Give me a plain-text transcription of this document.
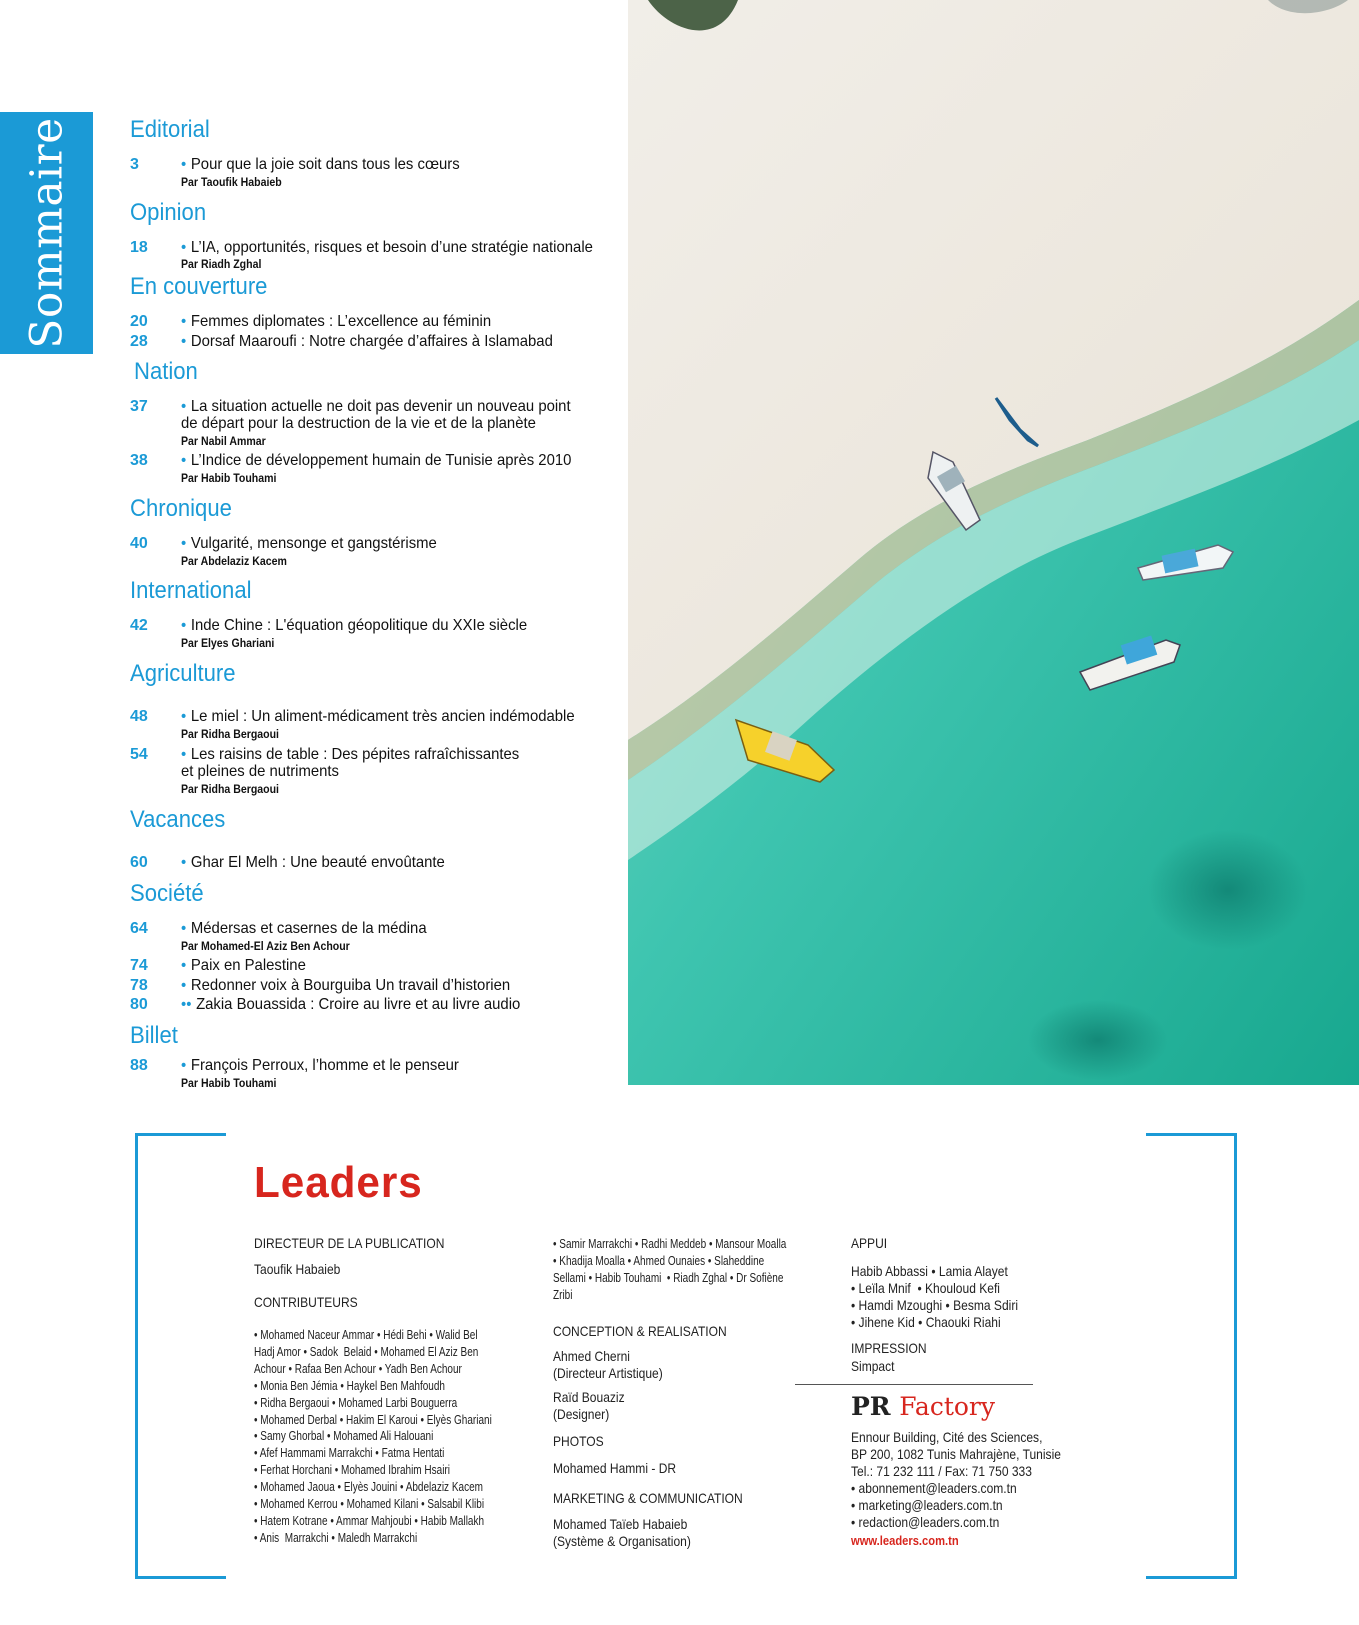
Sommaire Editorial
3	• Pour que la joie soit dans tous les cœurs
Par Taoufik Habaieb
Opinion
18 • L’IA, opportunités, risques et besoin d’une stratégie nationale
Par Riadh Zghal
En couverture
20 • Femmes diplomates : L’excellence au féminin
28 • Dorsaf Maaroufi : Notre chargée d’affaires à Islamabad
Nation
37 • La situation actuelle ne doit pas devenir un nouveau point
de départ pour la destruction de la vie et de la planète
Par Nabil Ammar
38 • L’Indice de développement humain de Tunisie après 2010
Par Habib Touhami
Chronique
40 • Vulgarité, mensonge et gangstérisme
Par Abdelaziz Kacem
International
42 • Inde Chine : L'équation géopolitique du XXIe siècle
Par Elyes Ghariani
Agriculture
48 • Le miel : Un aliment-médicament très ancien indémodable
Par Ridha Bergaoui
54 • Les raisins de table : Des pépites rafraîchissantes
et pleines de nutriments
Par Ridha Bergaoui
Vacances
60 • Ghar El Melh : Une beauté envoûtante
Société
64 • Médersas et casernes de la médina
Par Mohamed-El Aziz Ben Achour
74 • Paix en Palestine
78 • Redonner voix à Bourguiba Un travail d’historien
80 •• Zakia Bouassida : Croire au livre et au livre audio
Billet
88 • François Perroux, l’homme et le penseur
Par Habib Touhami
Leaders
DIRECTEUR DE LA PUBLICATION
Taoufik Habaieb
CONTRIBUTEURS
• Mohamed Naceur Ammar • Hédi Behi • Walid Bel
Hadj Amor • Sadok  Belaid • Mohamed El Aziz Ben
Achour • Rafaa Ben Achour • Yadh Ben Achour
• Monia Ben Jémia • Haykel Ben Mahfoudh
• Ridha Bergaoui • Mohamed Larbi Bouguerra
• Mohamed Derbal • Hakim El Karoui • Elyès Ghariani
• Samy Ghorbal • Mohamed Ali Halouani
• Afef Hammami Marrakchi • Fatma Hentati
• Ferhat Horchani • Mohamed Ibrahim Hsairi
• Mohamed Jaoua • Elyès Jouini • Abdelaziz Kacem
• Mohamed Kerrou • Mohamed Kilani • Salsabil Klibi
• Hatem Kotrane • Ammar Mahjoubi • Habib Mallakh
• Anis  Marrakchi • Maledh Marrakchi
• Samir Marrakchi • Radhi Meddeb • Mansour Moalla
• Khadija Moalla • Ahmed Ounaies • Slaheddine
Sellami • Habib Touhami  • Riadh Zghal • Dr Sofiène
Zribi
CONCEPTION & REALISATION
Ahmed Cherni
(Directeur Artistique)
Raïd Bouaziz
(Designer)
PHOTOS
Mohamed Hammi - DR
MARKETING & COMMUNICATION
Mohamed Taïeb Habaieb
(Système & Organisation)
APPUI
Habib Abbassi • Lamia Alayet
• Leïla Mnif  • Khouloud Kefi
• Hamdi Mzoughi • Besma Sdiri
• Jihene Kid • Chaouki Riahi
IMPRESSION
Simpact
PR Factory
Ennour Building, Cité des Sciences,
BP 200, 1082 Tunis Mahrajène, Tunisie
Tel.: 71 232 111 / Fax: 71 750 333
• abonnement@leaders.com.tn
• marketing@leaders.com.tn
• redaction@leaders.com.tn
www.leaders.com.tn
